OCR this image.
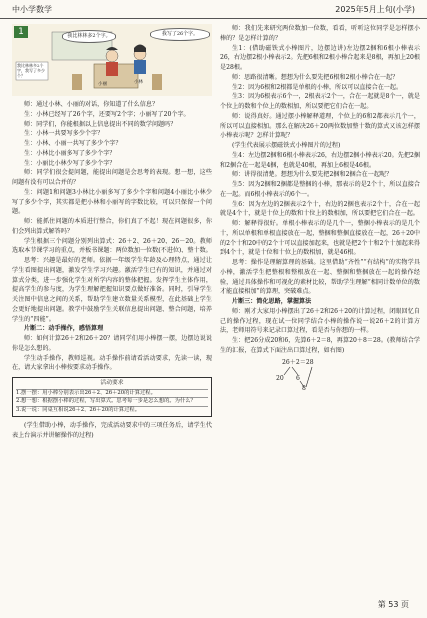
中小学数学	2025年5月上旬(小学)
1	我比林林多2个字。	我写了26个字。
小丽	小林
我比林林多2个字，我写了多少个？

师：通过小林、小丽的对话，你知道了什么信息？

生：小林已经写了26个字，还要写2个字；小丽写了20个字。

师：同学们，你能根据以上信息提出不同的数学问题吗？

生：小林一共要写多少个字？

生：小林、小丽一共写了多少个字？

生：小林比小丽多写了多少个字？

生：小丽比小林少写了多少个字？

师：同学们很会提问题，能提出问题是会思考的表现。想一想，这些问题有没有可以合并的？

生：问题1和问题3小林比小丽多写了多少个字和问题4小丽比小林少写了多少个字，其实都是把小林和小丽写的字数比较，可以只保留一个问题。

师：能抓住问题的本质进行整合，你们真了不起！现在问题很多，你们会列出算式解答吗？

学生根据三个问题分别列出算式：26＋2、26＋20、26－20。教师选取本节课学习的重点，并板书课题：两位数加一位数(不进位)、整十数。

思考：兴趣是最好的老师。依据一年级学生年龄及心理特点，通过让学生看图提出问题，激发学生学习兴趣。激活学生已有的知识，并通过对算式分类，进一步强化学生对所学内容的整体把握。发挥学生主体作用，提高学生的参与度，为学生理解把握知识要点做好准备。同时，引导学生关注图中信息之间的关系，帮助学生建立数量关系模型，在此基础上学生会更好地提出问题。教学中鼓励学生关联信息提出问题、整合问题，培养学生的“四能”。

片断二：动手操作，感悟算理

师：如何计算26＋2和26＋20？请同学们用小棒摆一摆，边摆边说说你是怎么想的。

学生动手操作，教师巡视。动手操作前请看活动要求，先读一读，现在，请大家拿出小棒按要求动手操作。

活动要求
1.摆一摆：用小棒分别表示出26＋2、26＋20的计算过程。
2.想一想：根据摆小棒的过程，写出算式。思考每一步是怎么想的。为什么？
3.说一说：同桌互相说26＋2、26＋20的计算过程。

(学生借助小棒，动手操作，完成活动要求中的三项任务后，请学生代表上台演示并讲解操作的过程)

师：我们先来研究两位数加一位数，看看，听听这位同学是怎样摆小棒的？是怎样计算的？

生1：(借助磁铁式小棒图片，边摆边讲)左边摆2捆和6根小棒表示26，右边摆2根小棒表示2。先把6根和2根小棒合起来是8根，再加上20根是28根。

师：思路很清晰。想想为什么要先把6根和2根小棒合在一起？

生2：因为6根和2根都是单根的小棒，所以可以直接合在一起。

生3：因为6根表示6个一，2根表示2个一，合在一起就是8个一，就是个位上的数和个位上的数相加，所以要把它们合在一起。

师：说得真好。通过摆小棒解释道理，个位上的6和2都表示几个一，所以可以直接相加。那么在解决26＋20两位数加整十数的算式又该怎样摆小棒表示呢？怎样计算呢？

(学生代表展示摆磁铁式小棒图片的过程)

生4：左边摆2捆和6根小棒表示26，右边摆2捆小棒表示20。先把2捆和2捆合在一起是4捆，也就是40根，再加上6根是46根。

师：讲得很清楚。想想为什么要先把2捆和2捆合在一起呢？

生5：因为2捆和2捆都是整捆的小棒，那表示的是2个十，所以直接合在一起。而6根小棒表示的6个一。

生6：因为左边的2捆表示2个十，右边的2捆也表示2个十，合在一起就是4个十，就是十位上的数和十位上的数相加，所以要把它们合在一起。

师：解释得很好。单根小棒表示的是几个一，整捆小棒表示的是几个十，所以单根和单根直接放在一起，整捆和整捆直接放在一起，26＋20中的2个十和20中的2个十可以直接加起来，也就是把2个十和2个十加起来得到4个十，就是十位和十位上的数相加，就是46根。

思考：操作是理解算理的基础。这里借助“齐性”“有结构”的实物学具小棒，激活学生把整根和整根放在一起、整捆和整捆放在一起的操作经验，通过具体操作和可视化的素材比较，帮助学生理解“相同计数单位的数才能直接相加”的算理，突破难点。

片断三：简化思路，掌握算法

师：刚才大家用小棒摆出了26＋2和26＋20的计算过程，闭眼回忆自己的操作过程，现在试一位同学结合小棒的操作说一说26＋2的计算方法，老师用符号来记录口算过程，看是否与你想的一样。

生：把26分成20和6，先算6＋2＝8，再算20＋8＝28。(教师结合学生的汇报，在算式下面注出口算过程，如右图)

26＋2＝28
20 6
8
第 53 页
